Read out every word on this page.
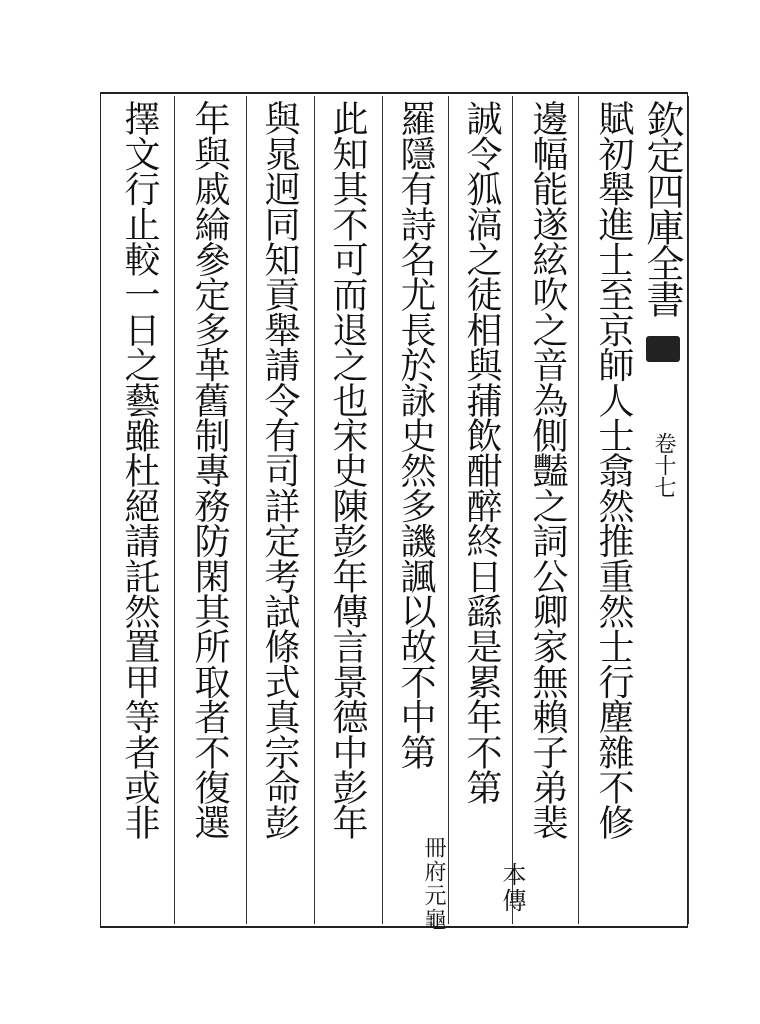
欽定四庫全書
卷十七
賦初舉進士至京師人士翕然推重然士行塵雜不修
邊幅能遂絃吹之音為側豔之詞公卿家無賴子弟裴
誠令狐滈之徒相與蒱飲酣醉終日繇是累年不第
羅隱有詩名尤長於詠史然多譏諷以故不中第
此知其不可而退之也宋史陳彭年傳言景德中彭年
與晁迥同知貢舉請令有司詳定考試條式真宗命彭
年與戚綸參定多革舊制專務防閑其所取者不復選
擇文行止較一日之藝雖杜絕請託然置甲等者或非
本傳
冊府元龜
